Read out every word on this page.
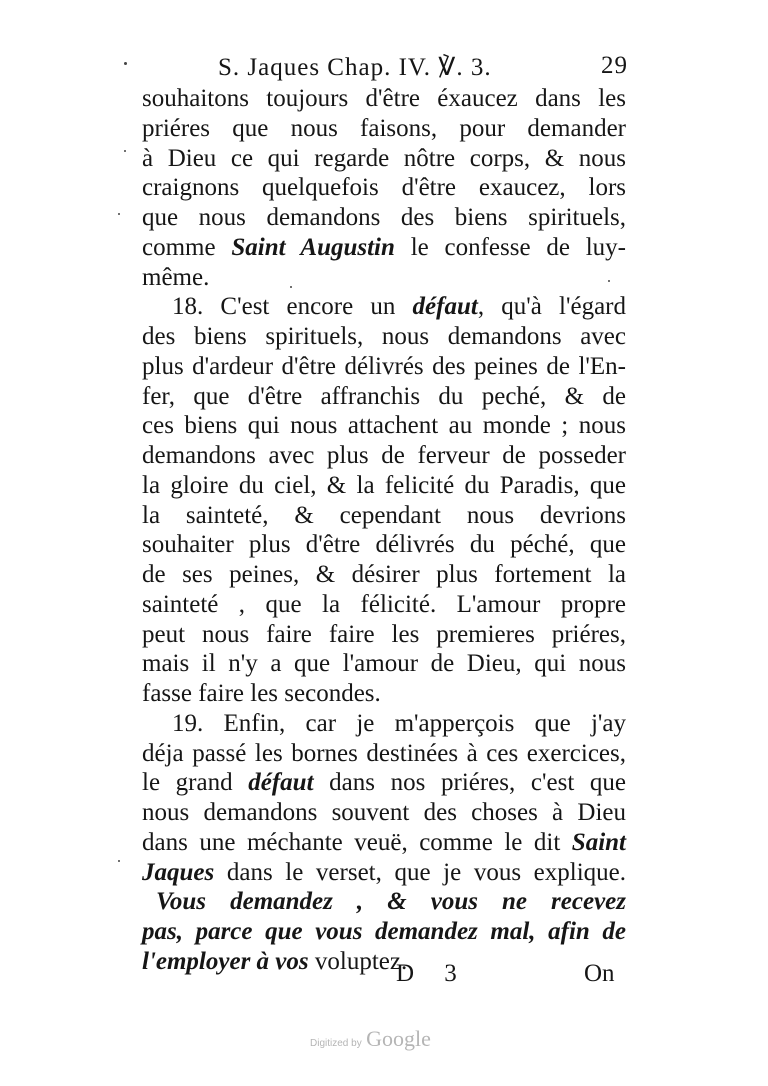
S. Jaques Chap. IV. ℣. 3.	29
souhaitons toujours d'être éxaucez dans les
priéres que nous faisons, pour demander
à Dieu ce qui regarde nôtre corps, & nous
craignons quelquefois d'être exaucez, lors
que nous demandons des biens spirituels,
comme Saint Augustin le confesse de luy-
même.
18. C'est encore un défaut, qu'à l'égard
des biens spirituels, nous demandons avec
plus d'ardeur d'être délivrés des peines de l'En-
fer, que d'être affranchis du peché, & de
ces biens qui nous attachent au monde ; nous
demandons avec plus de ferveur de posseder
la gloire du ciel, & la felicité du Paradis, que
la sainteté, & cependant nous devrions
souhaiter plus d'être délivrés du péché, que
de ses peines, & désirer plus fortement la
sainteté , que la félicité. L'amour propre
peut nous faire faire les premieres priéres,
mais il n'y a que l'amour de Dieu, qui nous
fasse faire les secondes.
19. Enfin, car je m'apperçois que j'ay
déja passé les bornes destinées à ces exercices,
le grand défaut dans nos priéres, c'est que
nous demandons souvent des choses à Dieu
dans une méchante veuë, comme le dit Saint
Jaques dans le verset, que je vous explique.
Vous demandez , & vous ne recevez
pas, parce que vous demandez mal, afin de
l'employer à vos voluptez.
D 3	On
Digitized by Google
